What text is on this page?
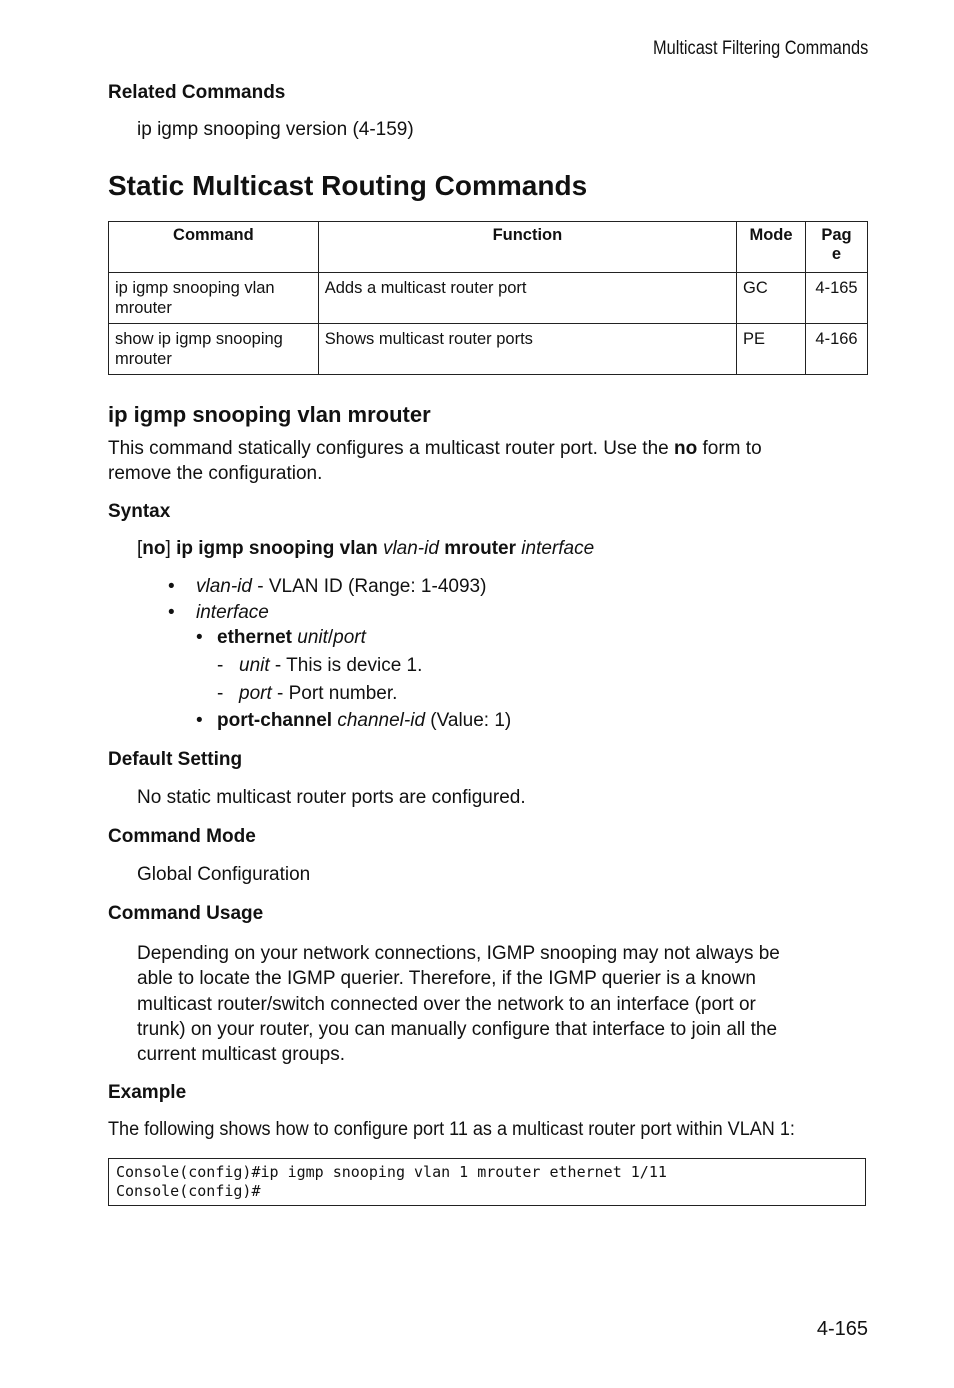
Multicast Filtering Commands
Related Commands
ip igmp snooping version (4-159)
Static Multicast Routing Commands
Command	Function	Mode	Pag e
ip igmp snooping vlan mrouter	Adds a multicast router port	GC	4-165
show ip igmp snooping mrouter	Shows multicast router ports	PE	4-166
ip igmp snooping vlan mrouter
This command statically configures a multicast router port. Use the no form to
remove the configuration.
Syntax
[no] ip igmp snooping vlan vlan-id mrouter interface
• vlan-id - VLAN ID (Range: 1-4093)
• interface
• ethernet unit/port
- unit - This is device 1.
- port - Port number.
• port-channel channel-id (Value: 1)
Default Setting
No static multicast router ports are configured.
Command Mode
Global Configuration
Command Usage
Depending on your network connections, IGMP snooping may not always be
able to locate the IGMP querier. Therefore, if the IGMP querier is a known
multicast router/switch connected over the network to an interface (port or
trunk) on your router, you can manually configure that interface to join all the
current multicast groups.
Example
The following shows how to configure port 11 as a multicast router port within VLAN 1:
Console(config)#ip igmp snooping vlan 1 mrouter ethernet 1/11
Console(config)#
4-165
